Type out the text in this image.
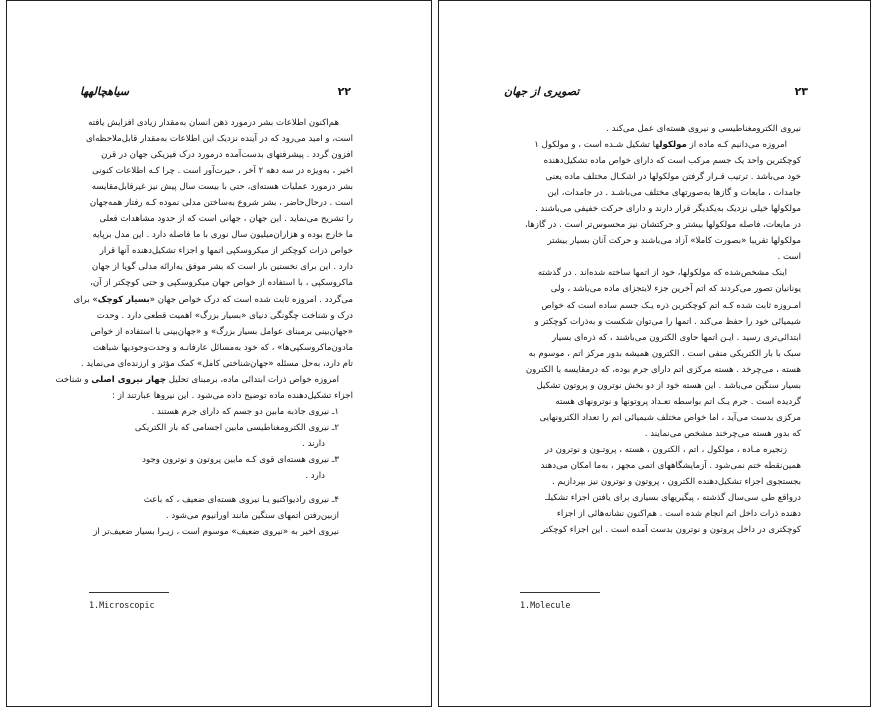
۲۲
سیاهچالهها
هم‌اکنون اطلاعات بشر درمورد ذهن انسان به‌مقدار زیادی افزایش یافته
است، و امید می‌رود که در آینده نزدیک این اطلاعات به‌مقدار قابل‌ملاحظه‌ای
افزون گردد . پیشرفتهای بدست‌آمده درمورد درک فیزیکی جهان در قرن
اخیر ، به‌ویژه در سه دهه ۲ آخر ، حیرت‌آور است . چرا کـه اطلاعات کنونی
بشر درمورد عملیات هسته‌ای، حتی با بیست سال پیش نیز غیرقابل‌مقایسه
است . درحال‌حاضر ، بشر شروع به‌ساختن مدلی نموده کـه رفتار همه‌جهان
را تشریح می‌نماید . این جهان ، جهانی است که از حدود مشاهدات فعلی
ما خارج بوده و هزاران‌میلیون سال نوری با ما فاصله دارد . این مدل برپایه
خواص ذرات کوچکتر از میکروسکپی اتمها و اجزاء تشکیل‌دهنده آنها قرار
دارد . این برای نخستین بار است که بشر موفق به‌ارائه مدلی گویا از جهان
ماکروسکپی ، با استفاده از خواص جهان میکروسکپی و حتی کوچکتر از آن،
می‌گردد . امروزه ثابت شده است که درک خواص جهان «بسیار کوچک» برای
درک و شناخت چگونگی دنیای «بسیار بزرگ» اهمیت قطعی دارد . وحدت
«جهان‌بینی برمبنای عوامل بسیار بزرگ» و «جهان‌بینی با استفاده از خواص
مادون‌ماکروسکپی‌ها» ، که خود به‌مسائل عارفانـه و وحدت‌وجودیها شباهت
تام دارد، به‌حل مسئله «جهان‌شناختی کامل» کمک مؤثر و ارزنده‌ای می‌نماید .
امروزه خواص ذرات ابتدائی ماده، برمبنای تحلیل چهار نیروی اصلی و شناخت
اجزاء تشکیل‌دهنده ماده توضیح داده می‌شود . این نیروها عبارتند از :
۱ـ نیروی جاذبه مابین دو جسم که دارای جرم هستند .
۲ـ نیروی الکترومغناطیسی مابین اجسامی که بار الکتریکی
دارند .
۳ـ نیروی هسته‌ای قوی کـه مابین پروتون و نوترون وجود
دارد .
۴ـ نیروی رادیواکتیو یـا نیروی هسته‌ای ضعیف ، که باعث
ازبین‌رفتن اتمهای سنگین مانند اورانیوم می‌شود .
نیروی اخیر به «نیروی ضعیف» موسوم است ، زیـرا بسیار ضعیف‌تر از
1.Microscopic
۲۳
تصویری از جهان
نیروی الکترومغناطیسی و نیروی هسته‌ای عمل می‌کند .
امروزه می‌دانیم کـه ماده از مولکولها تشکیل شـده است ، و مولکول ۱
کوچکترین واحد یک جسم مرکب است که دارای خواص ماده تشکیل‌دهنده
خود می‌باشد . ترتیب قـرار گرفتن مولکولها در اشکـال مختلف ماده یعنی
جامدات ، مایعات و گازها به‌صورتهای مختلف می‌باشـد . در جامدات، این
مولکولها خیلی نزدیک به‌یکدیگر قرار دارند و دارای حرکت خفیفی می‌باشند .
در مایعات، فاصله مولکولها بیشتر و حرکتشان نیز محسوس‌تر است . در گازها،
مولکولها تقریبا «بصورت کاملا» آزاد می‌باشند و حرکت آنان بسیار بیشتر
است .
اینک مشخص‌شده که مولکولها، خود از اتمها ساخته شده‌اند . در گذشته
یونانیان تصور می‌کردند که اتم آخرین جزء لایتجزای ماده می‌باشد ، ولی
امـروزه ثابت شده کـه اتم کوچکترین ذره یـک جسم ساده است که خواص
شیمیائی خود را حفظ می‌کند . اتمها را می‌توان شکست و به‌ذرات کوچکتر و
ابتدائی‌تری رسید . ایـن اتمها حاوی الکترون می‌باشند ، که ذره‌ای بسیار
سبک با بار الکتریکی منفی است . الکترون همیشه بدور مرکز اتم ، موسوم به
هسته ، می‌چرخد . هسته مرکزی اتم دارای جرم بوده، که درمقایسه با الکترون
بسیار سنگین می‌باشد . این هسته خود از دو بخش نوترون و پروتون تشکیل
گردیده است . جرم یـک اتم بواسطه تعـداد پروتونها و نوترونهای هسته
مرکزی بدست می‌آید ، اما خواص مختلف شیمیائی اتم را تعداد الکترونهایی
که بدور هسته می‌چرخند مشخص می‌نمایند .
زنجیره مـاده ، مولکول ، اتم ، الکترون ، هسته ، پروتـون و نوترون در
همین‌نقطه ختم نمی‌شود . آزمایشگاههای اتمی مجهز ، به‌ما امکان می‌دهند
بجستجوی اجزاء تشکیل‌دهنده الکترون ، پروتون و نوترون نیز بپردازیم .
درواقع طی سی‌سال گذشته ، پیگیریهای بسیاری برای یافتن اجزاء تشکیلـ
دهنده ذرات داخل اتم انجام شده است . هم‌اکنون نشانه‌هائی از اجزاء
کوچکتری در داخل پروتون و نوترون بدست آمده است . این اجزاء کوچکتر
1.Molecule
